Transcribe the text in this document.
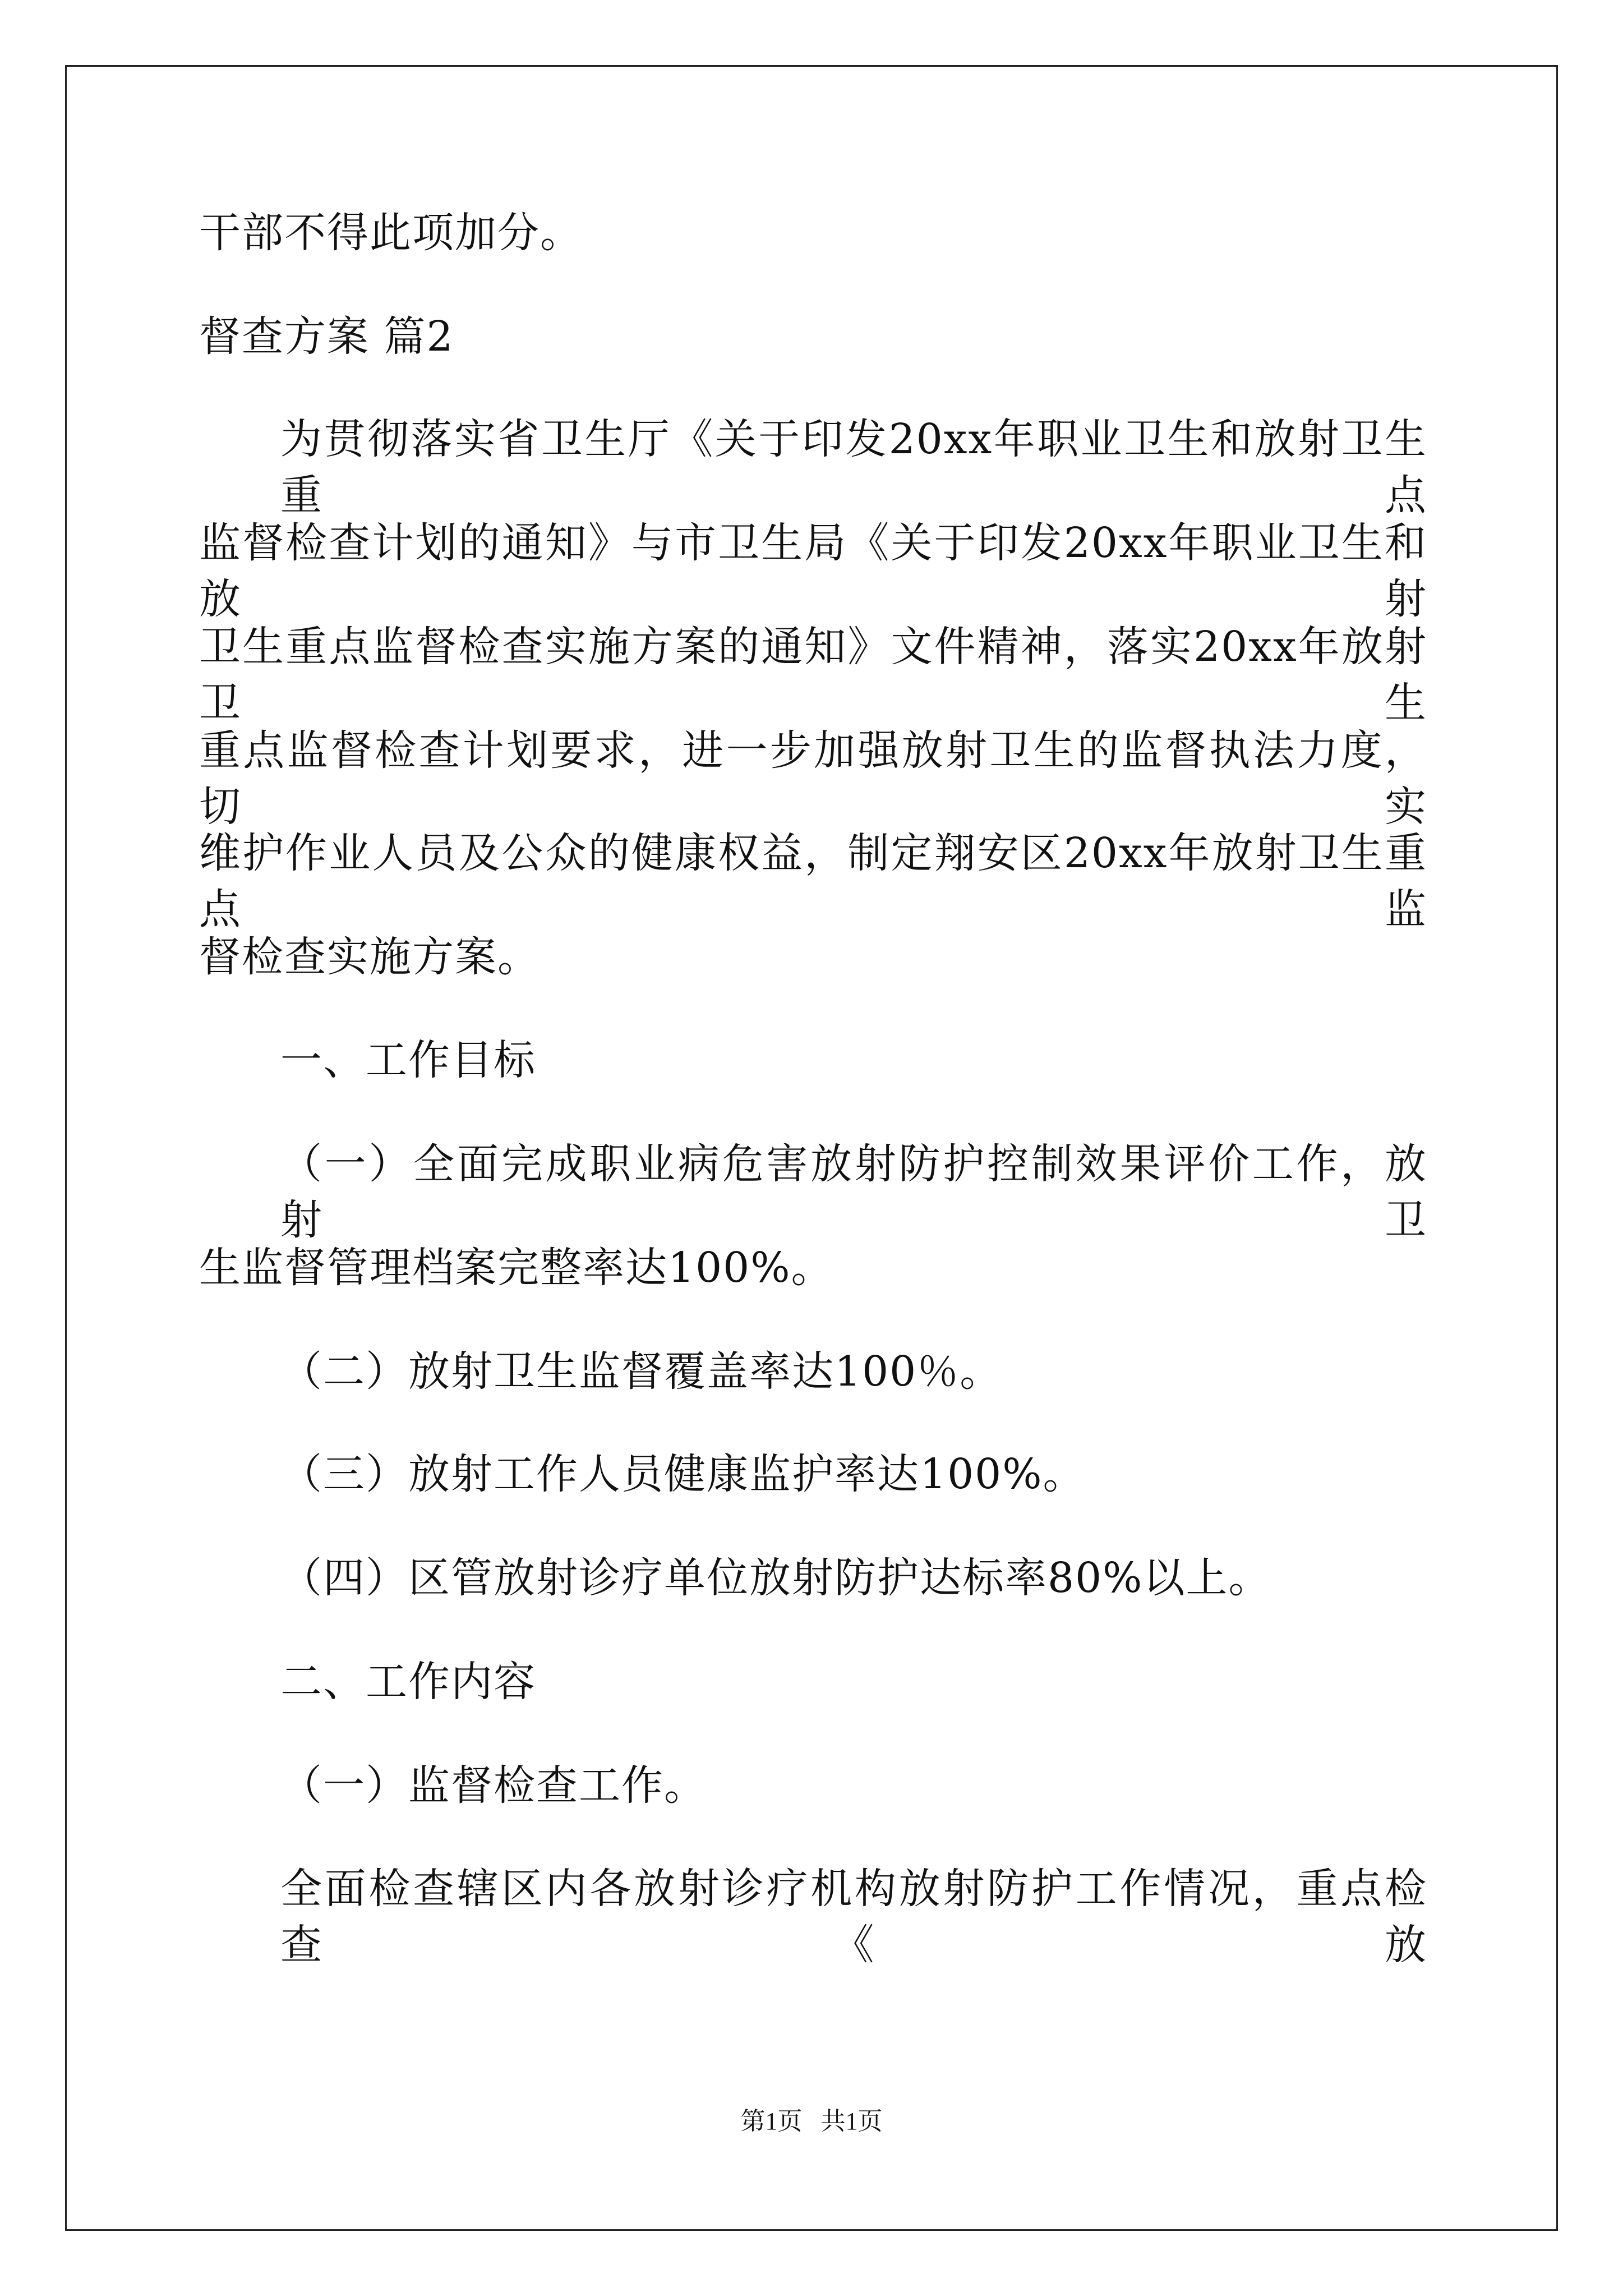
干部不得此项加分。
督查方案 篇2
为贯彻落实省卫生厅《关于印发20xx年职业卫生和放射卫生重点
监督检查计划的通知》与市卫生局《关于印发20xx年职业卫生和放射
卫生重点监督检查实施方案的通知》文件精神，落实20xx年放射卫生
重点监督检查计划要求，进一步加强放射卫生的监督执法力度，切实
维护作业人员及公众的健康权益，制定翔安区20xx年放射卫生重点监
督检查实施方案。
一、工作目标
（一）全面完成职业病危害放射防护控制效果评价工作，放射卫
生监督管理档案完整率达100%。
（二）放射卫生监督覆盖率达100％。
（三）放射工作人员健康监护率达100%。
（四）区管放射诊疗单位放射防护达标率80%以上。
二、工作内容
（一）监督检查工作。
全面检查辖区内各放射诊疗机构放射防护工作情况，重点检查《放
第1页   共1页
